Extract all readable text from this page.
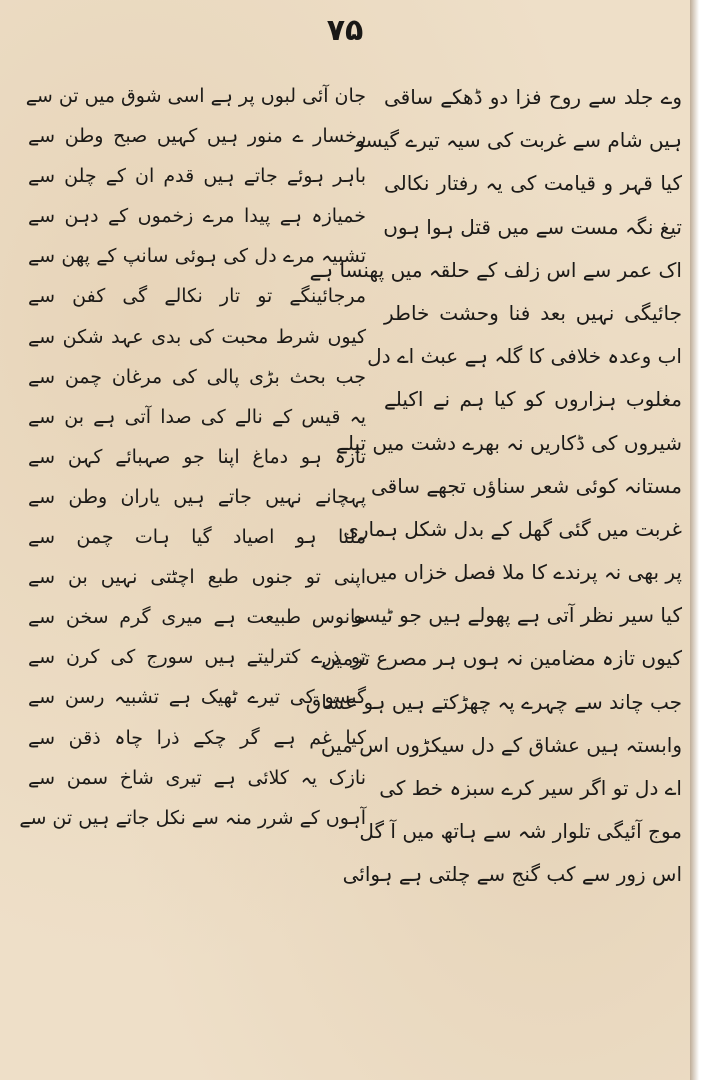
۷۵
وے جلد سے روح فزا دو ڈھکے ساقی
ہیں شام سے غربت کی سیہ تیرے گیسو
کیا قہر و قیامت کی یہ رفتار نکالی
تیغ نگہ مست سے میں قتل ہوا ہوں
اک عمر سے اس زلف کے حلقہ میں پھنسا ہے
جائیگی نہیں بعد فنا وحشت خاطر
اب وعدہ خلافی کا گلہ ہے عبث اے دل
مغلوب ہزاروں کو کیا ہم نے اکیلے
شیروں کی ڈکاریں نہ بھرے دشت میں تیلے
مستانہ کوئی شعر سناؤں تجھے ساقی
غربت میں گئی گھل کے بدل شکل ہماری
پر بھی نہ پرندے کا ملا فصل خزاں میں
کیا سیر نظر آتی ہے پھولے ہیں جو ٹیسو
کیوں تازہ مضامین نہ ہوں ہر مصرع ترمیں
جب چاند سے چہرے پہ چھڑکتے ہیں ہو عشاق
وابستہ ہیں عشاق کے دل سیکڑوں اس میں
اے دل تو اگر سیر کرے سبزہ خط کی
موج آئیگی تلوار شہ سے ہاتھ میں آ گل
اس زور سے کب گنج سے چلتی ہے ہوائی
جان آئی لبوں پر ہے اسی شوق میں تن سے
رخسار ے منور ہیں کہیں صبح وطن سے
باہر ہوئے جاتے ہیں قدم ان کے چلن سے
خمیازہ ہے پیدا مرے زخموں کے دہن سے
تشبیہ مرے دل کی ہوئی سانپ کے پھن سے
مرجائینگے تو تار نکالے گی کفن سے
کیوں شرط محبت کی بدی عہد شکن سے
جب بحث بڑی پالی کی مرغان چمن سے
یہ قیس کے نالے کی صدا آتی ہے بن سے
تازہ ہو دماغ اپنا جو صہبائے کہن سے
پہچانے نہیں جاتے ہیں یاران وطن سے
ملتا ہو اصیاد گیا ہات چمن سے
اپنی تو جنوں طبع اچٹتی نہیں بن سے
مانوس طبیعت ہے میری گرم سخن سے
تو ذرے کترلیتے ہیں سورج کی کرن سے
گیسو کی تیرے ٹھیک ہے تشبیہ رسن سے
کیا غم ہے گر چکے ذرا چاہ ذقن سے
نازک یہ کلائی ہے تیری شاخ سمن سے
آہوں کے شرر منہ سے نکل جاتے ہیں تن سے
